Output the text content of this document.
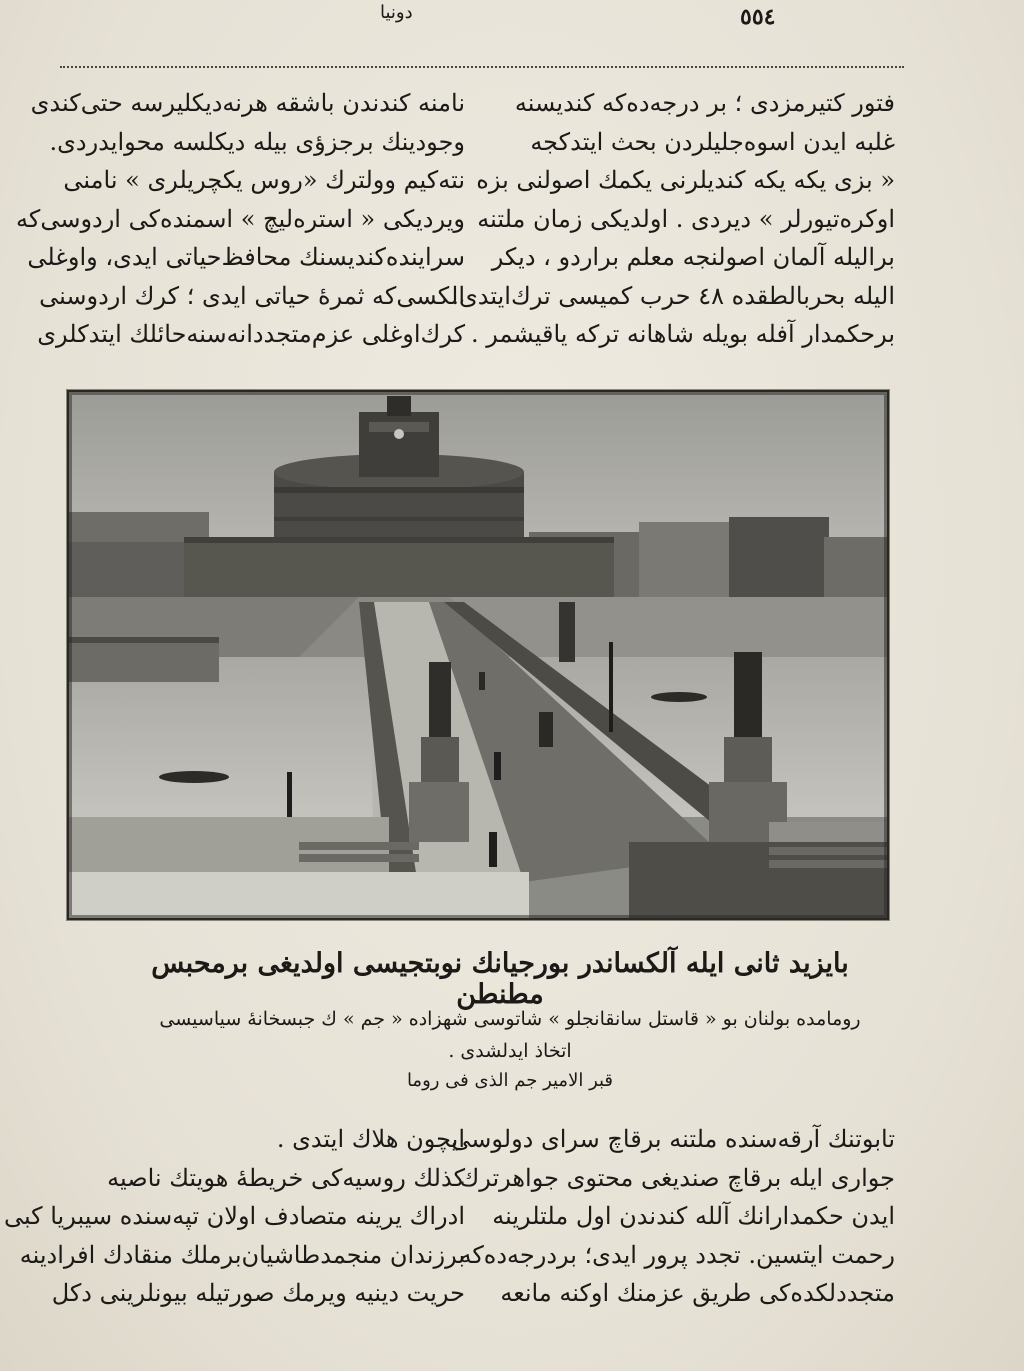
٥٥٤
دونیا
فتور کتیرمزدی ؛ بر درجه‌ده‌که کندیسنه
غلبه ایدن اسوه‌جلیلردن بحث ایتدکجه
« بزی یکه یکه کندیلرنی یکمك اصولنی بزه
اوکره‌تیورلر » دیردی . اولدیکی زمان ملتنه
برالیله آلمان اصولنجه معلم براردو ، دیکر
الیله بحربالطقده ٤٨ حرب کمیسی ترك‌ایتدی.
برحکمدار آفله بویله شاهانه ترکه یاقیشمر .
نامنه کندندن باشقه هرنه‌دیکلیرسه حتی‌کندی
وجودینك برجزؤی بیله دیکلسه محوایدردی.
نته‌کیم وولترك «روس یکچریلری » نامنی
ویردیکی « استره‌لیچ » اسمنده‌کی اردوسی‌که
سراینده‌کندیسنك محافظ‌حیاتی ایدی، واوغلی
الکسی‌که ثمرهٔ حیاتی ایدی ؛ کرك اردوسنی
کرك‌اوغلی عزم‌متجددانه‌سنه‌حائلك ایتدکلری
بایزید ثانی ایله آلکساندر بورجیانك نوبتجیسی اولدیغی برمحبس مطنطن
رومامده بولنان بو « قاستل سانقانجلو » شاتوسی شهزاده « جم » ك جبسخانهٔ سیاسیسی
اتخاذ ایدلشدی .
قبر الامیر جم الذی فی روما
تابوتنك آرقه‌سنده ملتنه برقاچ سرای دولوسی
جواری ایله برقاچ صندیغی محتوی جواهرترك
ایدن حکمدارانك آلله کندندن اول ملتلرینه
رحمت ایتسین. تجدد پرور ایدی؛ بردرجه‌ده‌که
متجددلکده‌کی طریق عزمنك اوکنه مانعه
ایچون هلاك ایتدی .
کذلك روسیه‌کی خریطهٔ هویتك ناصیه
ادراك یرینه متصادف اولان تپه‌سنده سیبریا کبی
برزندان منجمدطاشیان‌برملك منقادك افرادینه
حریت دینیه ویرمك صورتیله بیونلرینی دکل
